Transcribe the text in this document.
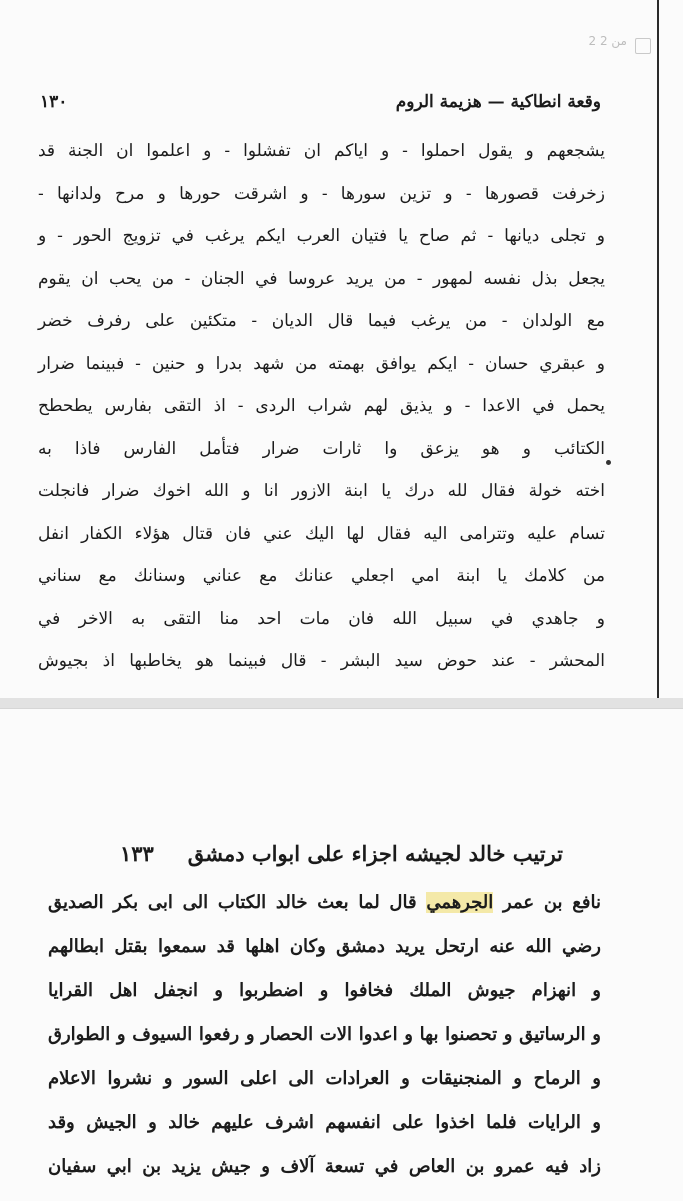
2 من 2
١٣٠	وقعة انطاكية — هزيمة الروم
يشجعهم و يقول احملوا - و اياكم ان تفشلوا - و اعلموا ان الجنة قد
زخرفت قصورها - و تزين سورها - و اشرقت حورها و مرح ولدانها -
و تجلى ديانها - ثم صاح يا فتيان العرب ايكم يرغب في تزويج الحور - و
يجعل بذل نفسه لمهور - من يريد عروسا في الجنان - من يحب ان يقوم
مع الولدان - من يرغب فيما قال الديان - متكئين على رفرف خضر
و عبقري حسان - ايكم يوافق بهمته من شهد بدرا و حنين - فبينما ضرار
يحمل في الاعدا - و يذيق لهم شراب الردى - اذ التقى بفارس يطحطح
الكتائب و هو يزعق وا ثارات ضرار فتأمل الفارس فاذا به
اخته خولة فقال لله درك يا ابنة الازور انا و الله اخوك ضرار فانجلت
تسام عليه وتترامى اليه فقال لها اليك عني فان قتال هؤلاء الكفار انفل
من كلامك يا ابنة امي اجعلي عنانك مع عناني وسنانك مع سناني
و جاهدي في سبيل الله فان مات احد منا التقى به الاخر في
المحشر - عند حوض سيد البشر - قال فبينما هو يخاطبها اذ بجيوش
١٣٣ ترتيب خالد لجيشه اجزاء على ابواب دمشق
نافع بن عمر الجرهمي قال لما بعث خالد الكتاب الى ابى بكر الصديق
رضي الله عنه ارتحل يريد دمشق وكان اهلها قد سمعوا بقتل ابطالهم
و انهزام جيوش الملك فخافوا و اضطربوا و انجفل اهل القرايا
و الرساتيق و تحصنوا بها و اعدوا الات الحصار و رفعوا السيوف و الطوارق
و الرماح و المنجنيقات و العرادات الى اعلى السور و نشروا الاعلام
و الرايات فلما اخذوا على انفسهم اشرف عليهم خالد و الجيش وقد
زاد فيه عمرو بن العاص في تسعة آلاف و جيش يزيد بن ابي سفيان
